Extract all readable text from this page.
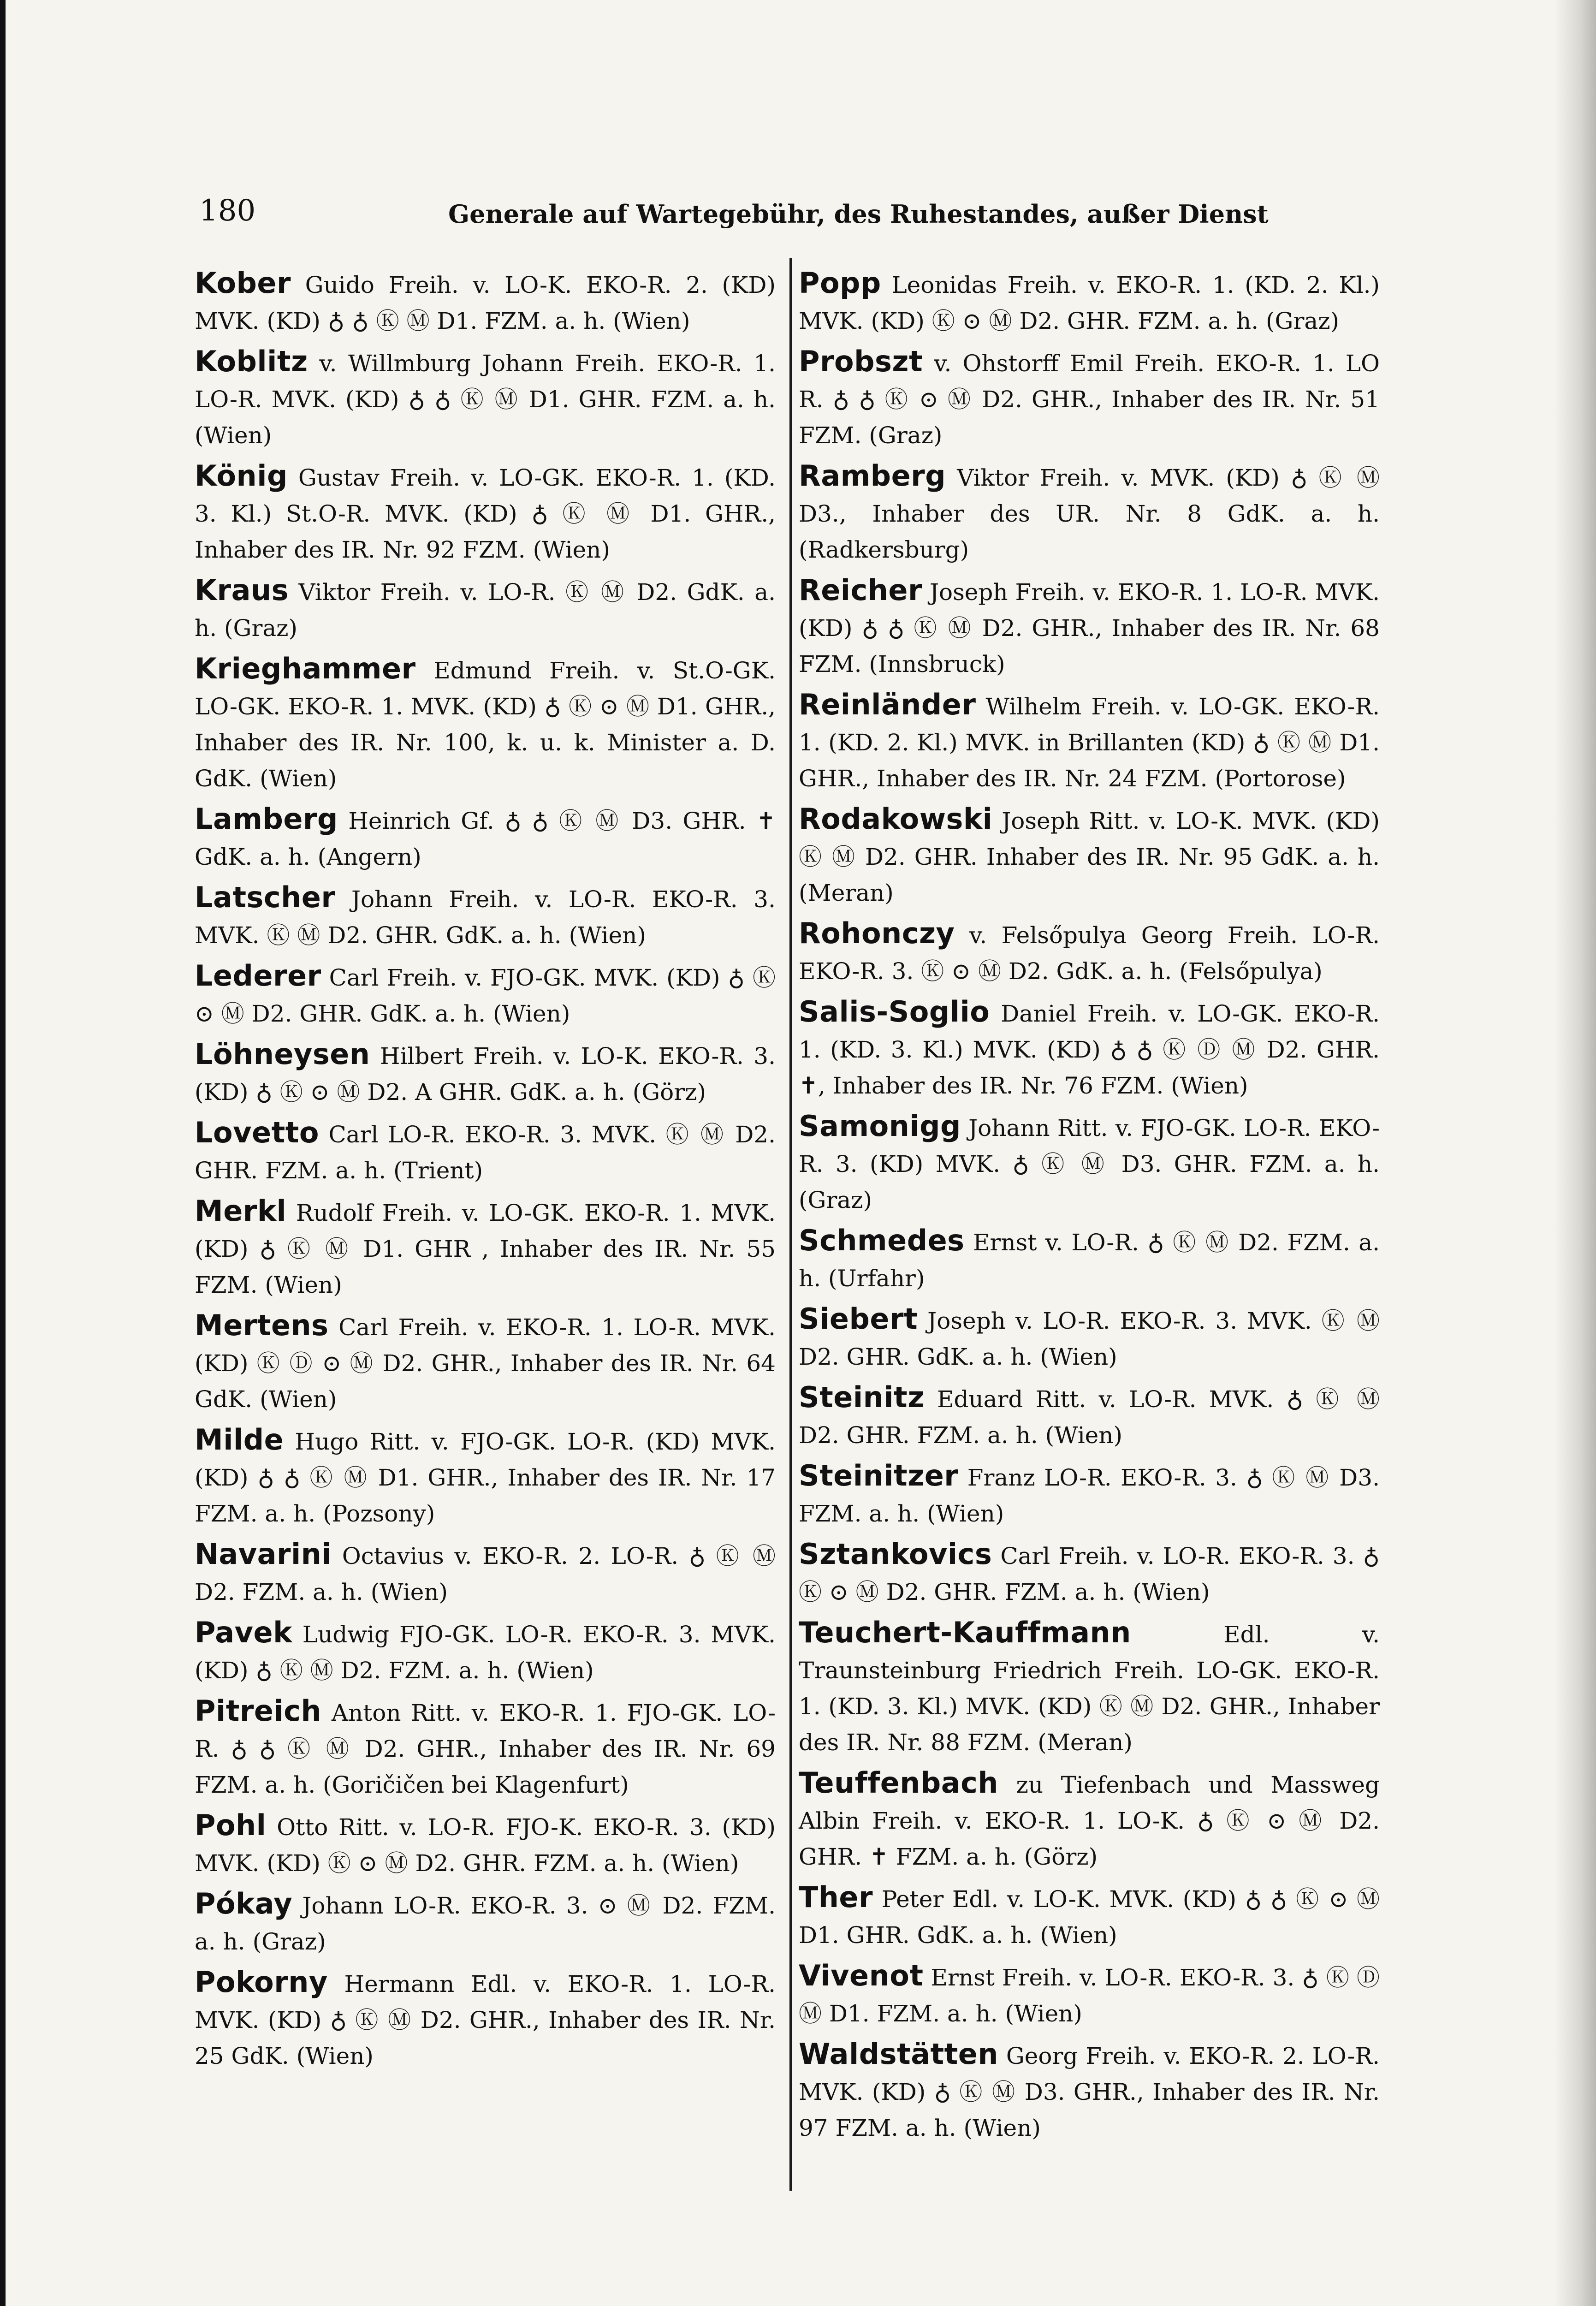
180	Generale auf Wartegebühr, des Ruhestandes, außer Dienst
Kober Guido Freih. v. LO-K. EKO-R. 2. (KD) MVK. (KD) ♁ ♁ Ⓚ Ⓜ D1. FZM. a. h. (Wien)
Koblitz v. Willmburg Johann Freih. EKO-R. 1. LO-R. MVK. (KD) ♁ ♁ Ⓚ Ⓜ D1. GHR. FZM. a. h. (Wien)
König Gustav Freih. v. LO-GK. EKO-R. 1. (KD. 3. Kl.) St.O-R. MVK. (KD) ♁ Ⓚ Ⓜ D1. GHR., Inhaber des IR. Nr. 92 FZM. (Wien)
Kraus Viktor Freih. v. LO-R. Ⓚ Ⓜ D2. GdK. a. h. (Graz)
Krieghammer Edmund Freih. v. St.O-GK. LO-GK. EKO-R. 1. MVK. (KD) ♁ Ⓚ ⊙ Ⓜ D1. GHR., Inhaber des IR. Nr. 100, k. u. k. Minister a. D. GdK. (Wien)
Lamberg Heinrich Gf. ♁ ♁ Ⓚ Ⓜ D3. GHR. ✝ GdK. a. h. (Angern)
Latscher Johann Freih. v. LO-R. EKO-R. 3. MVK. Ⓚ Ⓜ D2. GHR. GdK. a. h. (Wien)
Lederer Carl Freih. v. FJO-GK. MVK. (KD) ♁ Ⓚ ⊙ Ⓜ D2. GHR. GdK. a. h. (Wien)
Löhneysen Hilbert Freih. v. LO-K. EKO-R. 3. (KD) ♁ Ⓚ ⊙ Ⓜ D2. A GHR. GdK. a. h. (Görz)
Lovetto Carl LO-R. EKO-R. 3. MVK. Ⓚ Ⓜ D2. GHR. FZM. a. h. (Trient)
Merkl Rudolf Freih. v. LO-GK. EKO-R. 1. MVK. (KD) ♁ Ⓚ Ⓜ D1. GHR , Inhaber des IR. Nr. 55 FZM. (Wien)
Mertens Carl Freih. v. EKO-R. 1. LO-R. MVK. (KD) Ⓚ Ⓓ ⊙ Ⓜ D2. GHR., Inhaber des IR. Nr. 64 GdK. (Wien)
Milde Hugo Ritt. v. FJO-GK. LO-R. (KD) MVK. (KD) ♁ ♁ Ⓚ Ⓜ D1. GHR., Inhaber des IR. Nr. 17 FZM. a. h. (Pozsony)
Navarini Octavius v. EKO-R. 2. LO-R. ♁ Ⓚ Ⓜ D2. FZM. a. h. (Wien)
Pavek Ludwig FJO-GK. LO-R. EKO-R. 3. MVK. (KD) ♁ Ⓚ Ⓜ D2. FZM. a. h. (Wien)
Pitreich Anton Ritt. v. EKO-R. 1. FJO-GK. LO-R. ♁ ♁ Ⓚ Ⓜ D2. GHR., Inhaber des IR. Nr. 69 FZM. a. h. (Goričičen bei Klagenfurt)
Pohl Otto Ritt. v. LO-R. FJO-K. EKO-R. 3. (KD) MVK. (KD) Ⓚ ⊙ Ⓜ D2. GHR. FZM. a. h. (Wien)
Pókay Johann LO-R. EKO-R. 3. ⊙ Ⓜ D2. FZM. a. h. (Graz)
Pokorny Hermann Edl. v. EKO-R. 1. LO-R. MVK. (KD) ♁ Ⓚ Ⓜ D2. GHR., Inhaber des IR. Nr. 25 GdK. (Wien)
Popp Leonidas Freih. v. EKO-R. 1. (KD. 2. Kl.) MVK. (KD) Ⓚ ⊙ Ⓜ D2. GHR. FZM. a. h. (Graz)
Probszt v. Ohstorff Emil Freih. EKO-R. 1. LO R. ♁ ♁ Ⓚ ⊙ Ⓜ D2. GHR., Inhaber des IR. Nr. 51 FZM. (Graz)
Ramberg Viktor Freih. v. MVK. (KD) ♁ Ⓚ Ⓜ D3., Inhaber des UR. Nr. 8 GdK. a. h. (Radkersburg)
Reicher Joseph Freih. v. EKO-R. 1. LO-R. MVK. (KD) ♁ ♁ Ⓚ Ⓜ D2. GHR., Inhaber des IR. Nr. 68 FZM. (Innsbruck)
Reinländer Wilhelm Freih. v. LO-GK. EKO-R. 1. (KD. 2. Kl.) MVK. in Brillanten (KD) ♁ Ⓚ Ⓜ D1. GHR., Inhaber des IR. Nr. 24 FZM. (Portorose)
Rodakowski Joseph Ritt. v. LO-K. MVK. (KD) Ⓚ Ⓜ D2. GHR. Inhaber des IR. Nr. 95 GdK. a. h. (Meran)
Rohonczy v. Felsőpulya Georg Freih. LO-R. EKO-R. 3. Ⓚ ⊙ Ⓜ D2. GdK. a. h. (Felsőpulya)
Salis-Soglio Daniel Freih. v. LO-GK. EKO-R. 1. (KD. 3. Kl.) MVK. (KD) ♁ ♁ Ⓚ Ⓓ Ⓜ D2. GHR. ✝, Inhaber des IR. Nr. 76 FZM. (Wien)
Samonigg Johann Ritt. v. FJO-GK. LO-R. EKO-R. 3. (KD) MVK. ♁ Ⓚ Ⓜ D3. GHR. FZM. a. h. (Graz)
Schmedes Ernst v. LO-R. ♁ Ⓚ Ⓜ D2. FZM. a. h. (Urfahr)
Siebert Joseph v. LO-R. EKO-R. 3. MVK. Ⓚ Ⓜ D2. GHR. GdK. a. h. (Wien)
Steinitz Eduard Ritt. v. LO-R. MVK. ♁ Ⓚ Ⓜ D2. GHR. FZM. a. h. (Wien)
Steinitzer Franz LO-R. EKO-R. 3. ♁ Ⓚ Ⓜ D3. FZM. a. h. (Wien)
Sztankovics Carl Freih. v. LO-R. EKO-R. 3. ♁ Ⓚ ⊙ Ⓜ D2. GHR. FZM. a. h. (Wien)
Teuchert-Kauffmann	Edl. v. Traunsteinburg Friedrich Freih. LO-GK. EKO-R. 1. (KD. 3. Kl.) MVK. (KD) Ⓚ Ⓜ D2. GHR., Inhaber des IR. Nr. 88 FZM. (Meran)
Teuffenbach zu Tiefenbach und Massweg Albin Freih. v. EKO-R. 1. LO-K. ♁ Ⓚ ⊙ Ⓜ D2. GHR. ✝ FZM. a. h. (Görz)
Ther Peter Edl. v. LO-K. MVK. (KD) ♁ ♁ Ⓚ ⊙ Ⓜ D1. GHR. GdK. a. h. (Wien)
Vivenot Ernst Freih. v. LO-R. EKO-R. 3. ♁ Ⓚ Ⓓ Ⓜ D1. FZM. a. h. (Wien)
Waldstätten Georg Freih. v. EKO-R. 2. LO-R. MVK. (KD) ♁ Ⓚ Ⓜ D3. GHR., Inhaber des IR. Nr. 97 FZM. a. h. (Wien)
